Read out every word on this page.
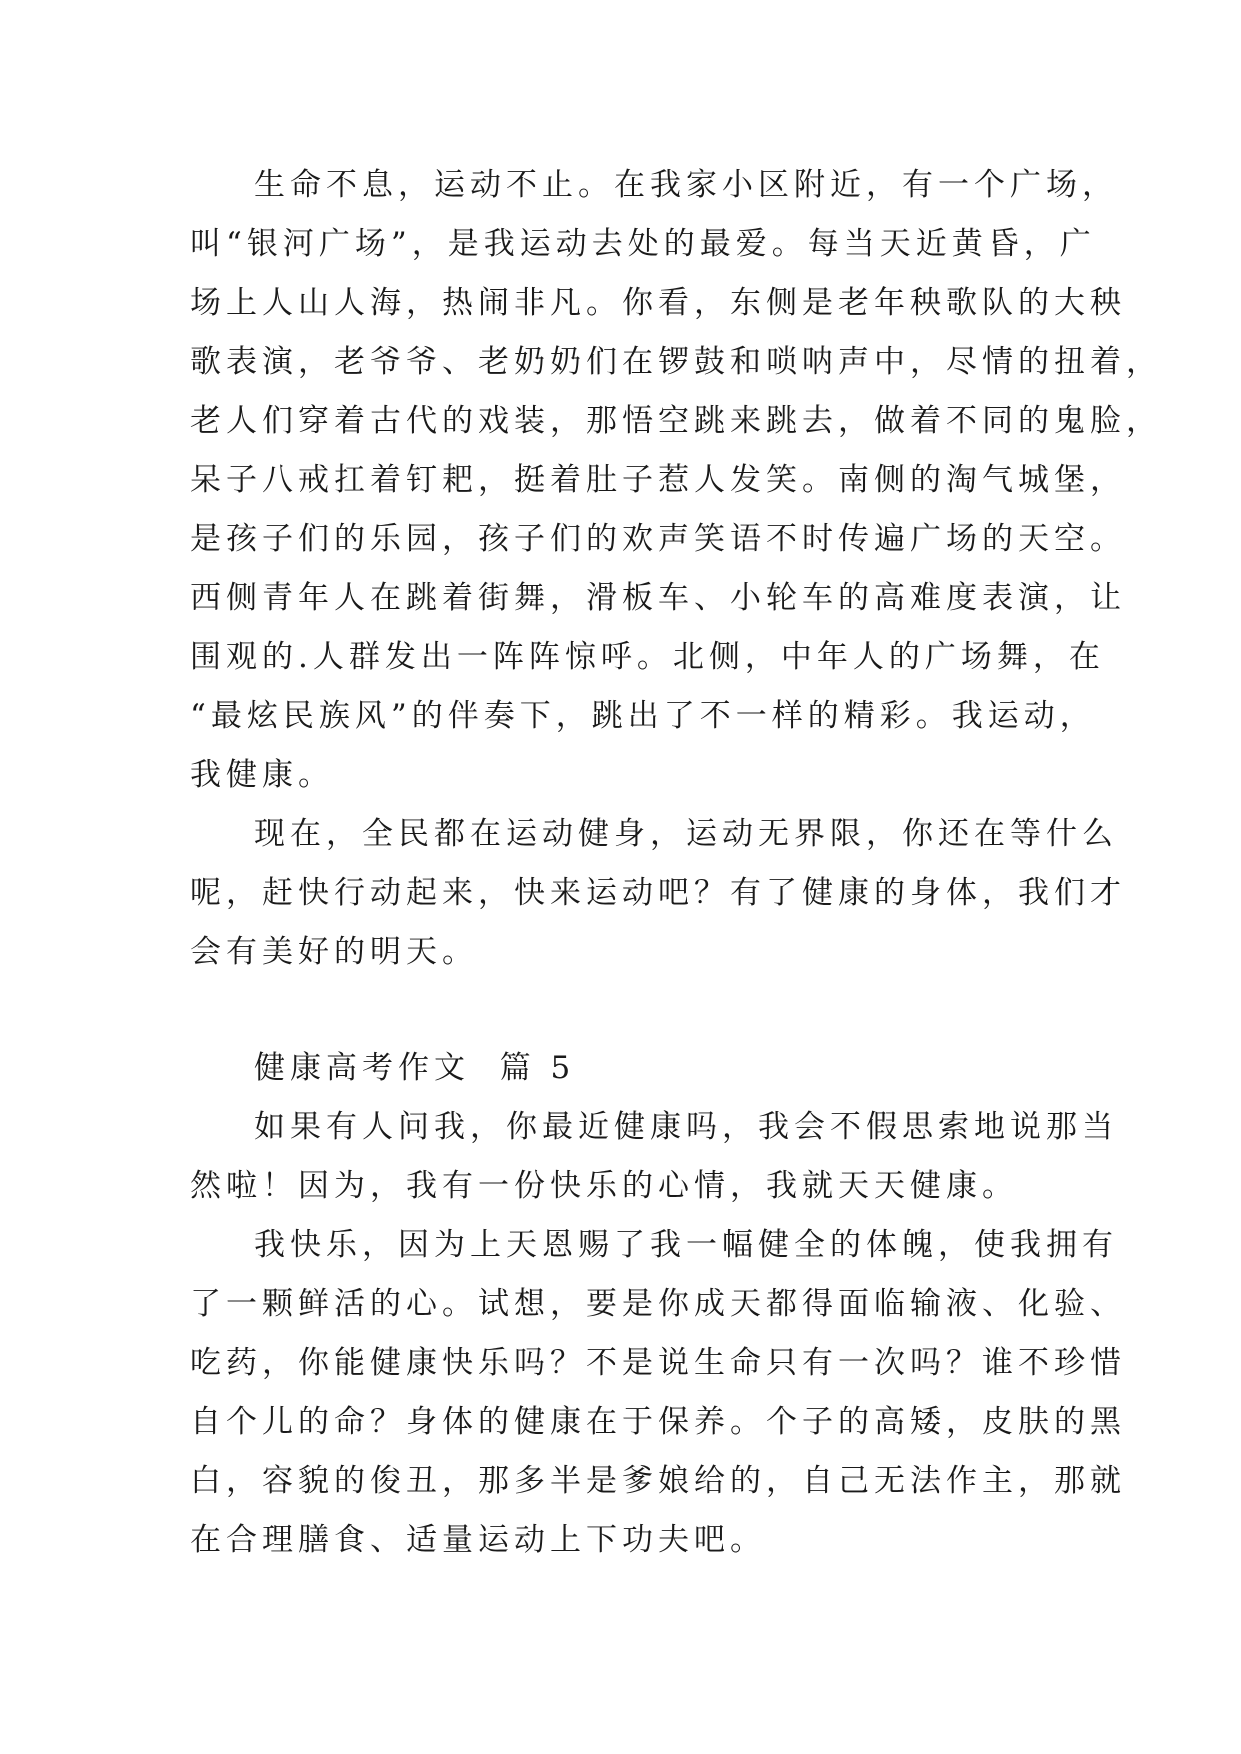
生命不息，运动不止。在我家小区附近，有一个广场，
叫“银河广场”，是我运动去处的最爱。每当天近黄昏，广
场上人山人海，热闹非凡。你看，东侧是老年秧歌队的大秧
歌表演，老爷爷、老奶奶们在锣鼓和唢呐声中，尽情的扭着，
老人们穿着古代的戏装，那悟空跳来跳去，做着不同的鬼脸，
呆子八戒扛着钉耙，挺着肚子惹人发笑。南侧的淘气城堡，
是孩子们的乐园，孩子们的欢声笑语不时传遍广场的天空。
西侧青年人在跳着街舞，滑板车、小轮车的高难度表演，让
围观的.人群发出一阵阵惊呼。北侧，中年人的广场舞，在
“最炫民族风”的伴奏下，跳出了不一样的精彩。我运动，
我健康。
现在，全民都在运动健身，运动无界限，你还在等什么
呢，赶快行动起来，快来运动吧？有了健康的身体，我们才
会有美好的明天。
健康高考作文  篇 5
如果有人问我，你最近健康吗，我会不假思索地说那当
然啦！因为，我有一份快乐的心情，我就天天健康。
我快乐，因为上天恩赐了我一幅健全的体魄，使我拥有
了一颗鲜活的心。试想，要是你成天都得面临输液、化验、
吃药，你能健康快乐吗？不是说生命只有一次吗？谁不珍惜
自个儿的命？身体的健康在于保养。个子的高矮，皮肤的黑
白，容貌的俊丑，那多半是爹娘给的，自己无法作主，那就
在合理膳食、适量运动上下功夫吧。
